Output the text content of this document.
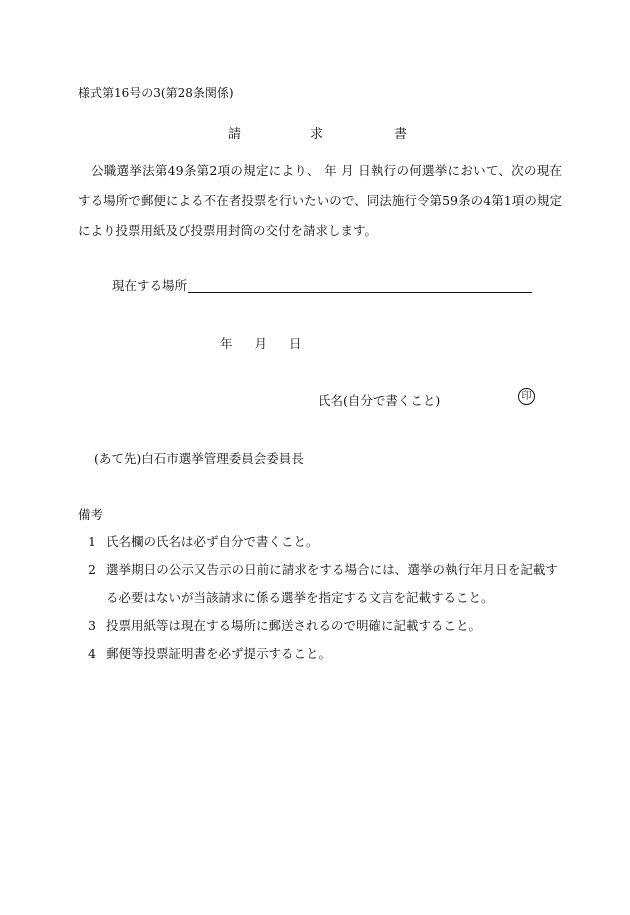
様式第16号の3(第28条関係)
請	求	書
公職選挙法第49条第2項の規定により、 年 月 日執行の何選挙において、次の現在する場所で郵便による不在者投票を行いたいので、同法施行令第59条の4第1項の規定により投票用紙及び投票用封筒の交付を請求します。
現在する場所
年 月 日
氏名(自分で書くこと)	印
(あて先)白石市選挙管理委員会委員長
備考
1 氏名欄の氏名は必ず自分で書くこと。
2 選挙期日の公示又告示の日前に請求をする場合には、選挙の執行年月日を記載する必要はないが当該請求に係る選挙を指定する文言を記載すること。
3 投票用紙等は現在する場所に郵送されるので明確に記載すること。
4 郵便等投票証明書を必ず提示すること。
